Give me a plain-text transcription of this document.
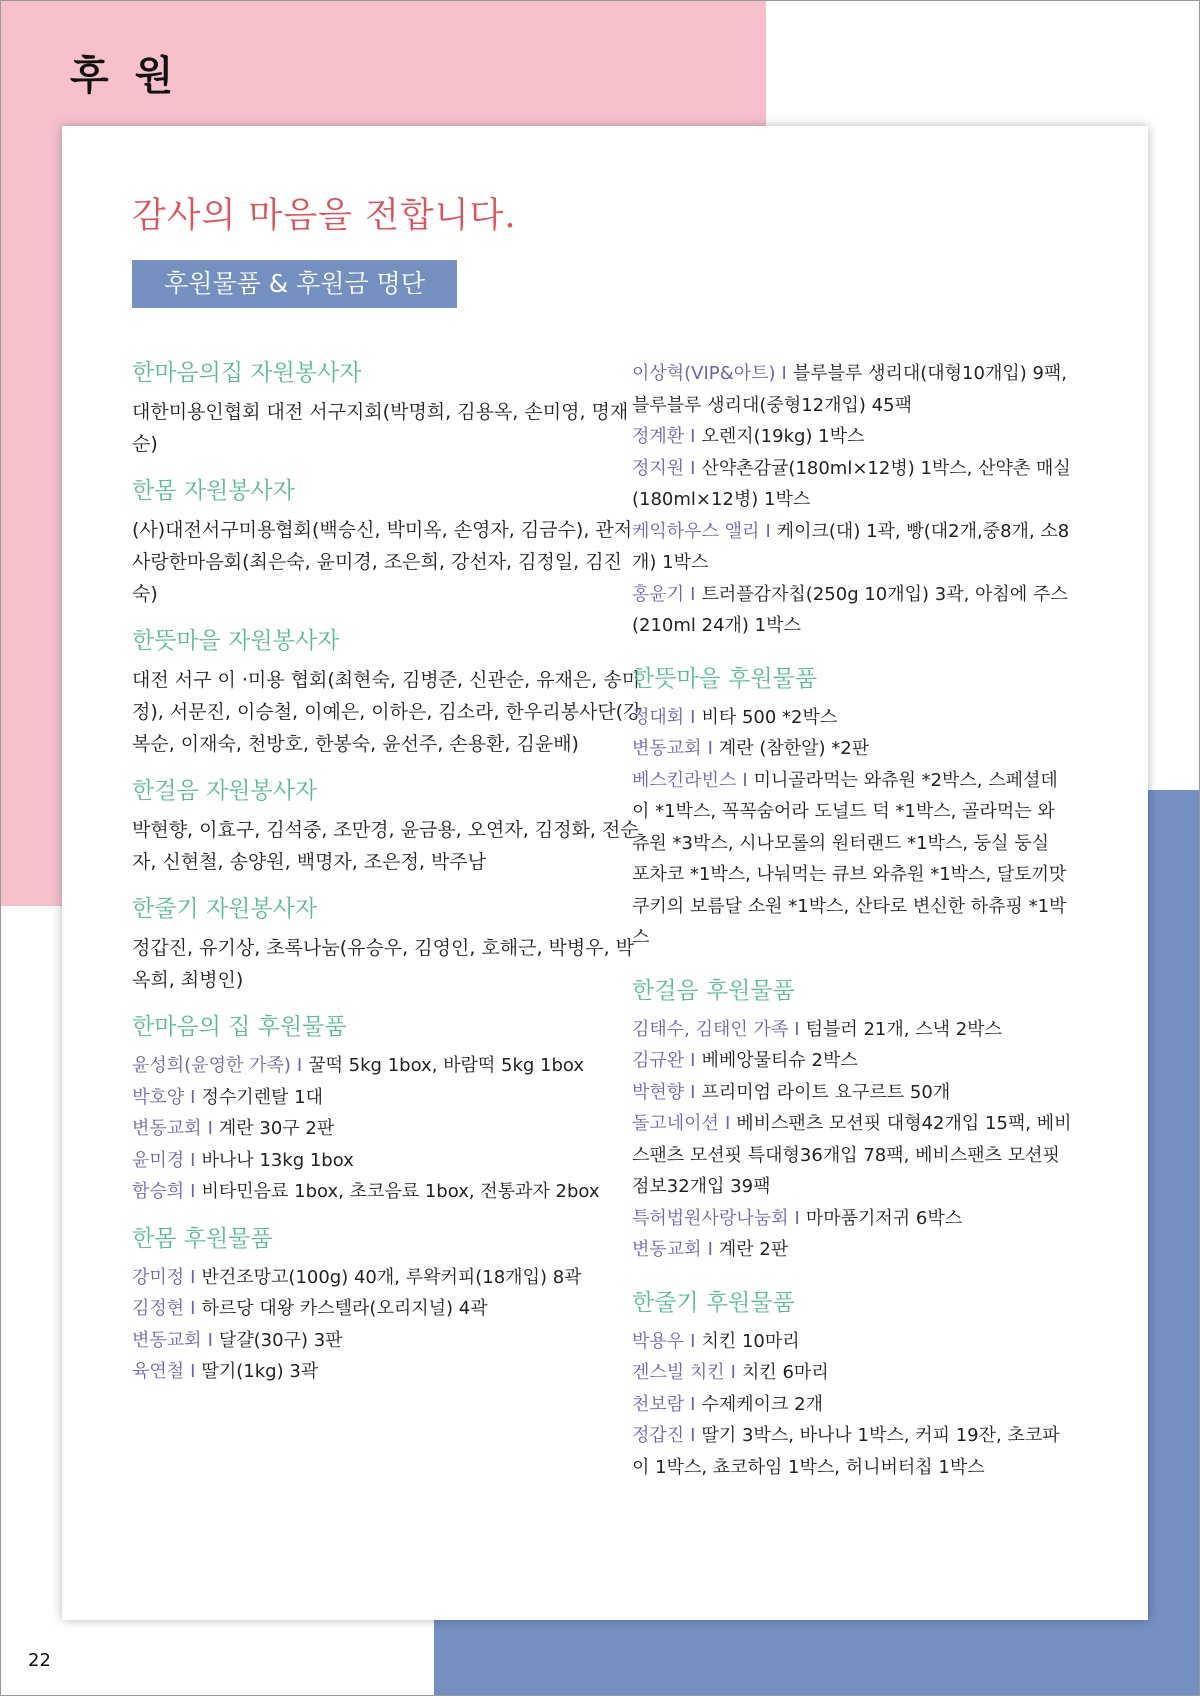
후 원
감사의 마음을 전합니다.
후원물품 & 후원금 명단
한마음의집 자원봉사자
대한미용인협회 대전 서구지회(박명희, 김용옥, 손미영, 명재순)
한몸 자원봉사자
(사)대전서구미용협회(백승신, 박미옥, 손영자, 김금수), 관저사랑한마음회(최은숙, 윤미경, 조은희, 강선자, 김정일, 김진숙)
한뜻마을 자원봉사자
대전 서구 이 ·미용 협회(최현숙, 김병준, 신관순, 유재은, 송미정), 서문진, 이승철, 이예은, 이하은, 김소라, 한우리봉사단(강복순, 이재숙, 천방호, 한봉숙, 윤선주, 손용환, 김윤배)
한걸음 자원봉사자
박현향, 이효구, 김석중, 조만경, 윤금용, 오연자, 김정화, 전순자, 신현철, 송양원, 백명자, 조은정, 박주남
한줄기 자원봉사자
정갑진, 유기상, 초록나눔(유승우, 김영인, 호해근, 박병우, 박옥희, 최병인)
한마음의 집 후원물품
윤성희(윤영한 가족) I 꿀떡 5kg 1box, 바람떡 5kg 1box
박호양 I 정수기렌탈 1대
변동교회 I 계란 30구 2판
윤미경 I 바나나 13kg 1box
함승희 I 비타민음료 1box, 초코음료 1box, 전통과자 2box
한몸 후원물품
강미정 I 반건조망고(100g) 40개, 루왁커피(18개입) 8곽
김정현 I 하르당 대왕 카스텔라(오리지널) 4곽
변동교회 I 달걀(30구) 3판
육연철 I 딸기(1kg) 3곽
이상혁(VIP&아트) I 블루블루 생리대(대형10개입) 9팩, 블루블루 생리대(중형12개입) 45팩
정계환 I 오렌지(19kg) 1박스
정지원 I 산약촌감귤(180ml×12병) 1박스, 산약촌 매실(180ml×12병) 1박스
케익하우스 앨리 I 케이크(대) 1곽, 빵(대2개,중8개, 소8개) 1박스
홍윤기 I 트러플감자칩(250g 10개입) 3곽, 아침에 주스(210ml 24개) 1박스
한뜻마을 후원물품
정대회 I 비타 500 *2박스
변동교회 I 계란 (참한알) *2판
베스킨라빈스 I 미니골라먹는 와츄원 *2박스, 스페셜데이 *1박스, 꼭꼭숨어라 도널드 덕 *1박스, 골라먹는 와츄원 *3박스, 시나모롤의 원터랜드 *1박스, 둥실 둥실 포차코 *1박스, 나눠먹는 큐브 와츄원 *1박스, 달토끼맛쿠키의 보름달 소원 *1박스, 산타로 변신한 하츄핑 *1박스
한걸음 후원물품
김태수, 김태인 가족 I 텀블러 21개, 스낵 2박스
김규완 I 베베앙물티슈 2박스
박현향 I 프리미엄 라이트 요구르트 50개
돌고네이션 I 베비스팬츠 모션핏 대형42개입 15팩, 베비스팬츠 모션핏 특대형36개입 78팩, 베비스팬츠 모션핏 점보32개입 39팩
특허법원사랑나눔회 I 마마품기저귀 6박스
변동교회 I 계란 2판
한줄기 후원물품
박용우 I 치킨 10마리
겐스빌 치킨 I 치킨 6마리
천보람 I 수제케이크 2개
정갑진 I 딸기 3박스, 바나나 1박스, 커피 19잔, 초코파이 1박스, 쵸코하임 1박스, 허니버터칩 1박스
22
